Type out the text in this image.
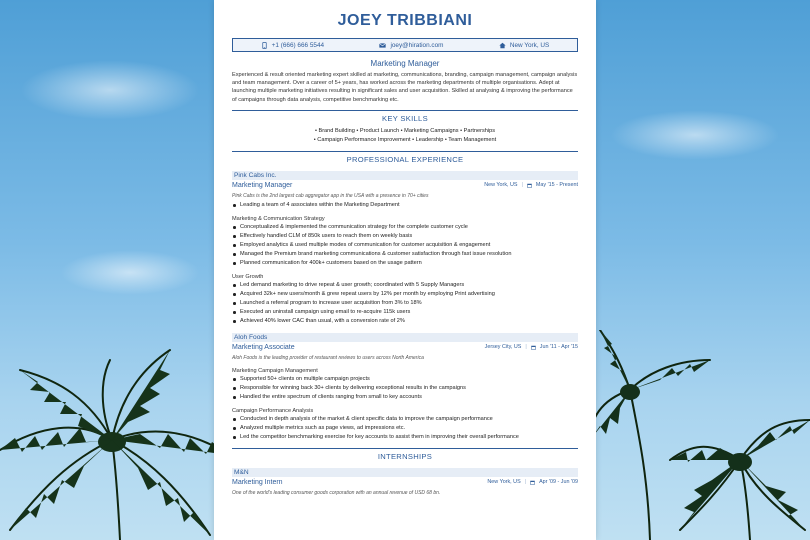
JOEY TRIBBIANI
+1 (666) 666 5544	joey@hiration.com	New York, US
Marketing Manager
Experienced & result oriented marketing expert skilled at marketing, communications, branding, campaign management, campaign analysis and team management. Over a career of 5+ years, has worked across the marketing departments of multiple organisations. Adept at launching multiple marketing initiatives resulting in significant sales and user acquisition. Skilled at analysing & improving the performance of campaigns through data analysis, competitive benchmarking etc.
KEY SKILLS
• Brand Building • Product Launch • Marketing Campaigns • Partnerships
• Campaign Performance Improvement • Leadership • Team Management
PROFESSIONAL EXPERIENCE
Pink Cabs Inc.
Marketing Manager	New York, US | May '15 - Present
Pink Cabs is the 2nd largest cab aggregator app in the USA with a presence in 70+ cities
Leading a team of 4 associates within the Marketing Department
Marketing & Communication Strategy
Conceptualized & implemented the communication strategy for the complete customer cycle
Effectively handled CLM of 850k users to reach them on weekly basis
Employed analytics & used multiple modes of communication for customer acquisition & engagement
Managed the Premium brand marketing communications & customer satisfaction through fast issue resolution
Planned communication for 400k+ customers based on the usage pattern
User Growth
Led demand marketing to drive repeat & user growth; coordinated with 5 Supply Managers
Acquired 32k+ new users/month & grew repeat users by 12% per month by employing Print advertising
Launched a referral program to increase user acquisition from 3% to 18%
Executed an uninstall campaign using email to re-acquire 115k users
Achieved 40% lower CAC than usual, with a conversion rate of 2%
Aloh Foods
Marketing Associate	Jersey City, US | Jun '11 - Apr '15
Aloh Foods is the leading provider of restaurant reviews to users across North America
Marketing Campaign Management
Supported 50+ clients on multiple campaign projects
Responsible for winning back 30+ clients by delivering exceptional results in the campaigns
Handled the entire spectrum of clients ranging from small to key accounts
Campaign Performance Analysis
Conducted in depth analysis of the market & client specific data to improve the campaign performance
Analyzed multiple metrics such as page views, ad impressions etc.
Led the competitor benchmarking exercise for key accounts to assist them in improving their overall performance
INTERNSHIPS
M&N
Marketing Intern	New York, US | Apr '09 - Jun '09
One of the world's leading consumer goods corporation with an annual revenue of USD 68 bn.
